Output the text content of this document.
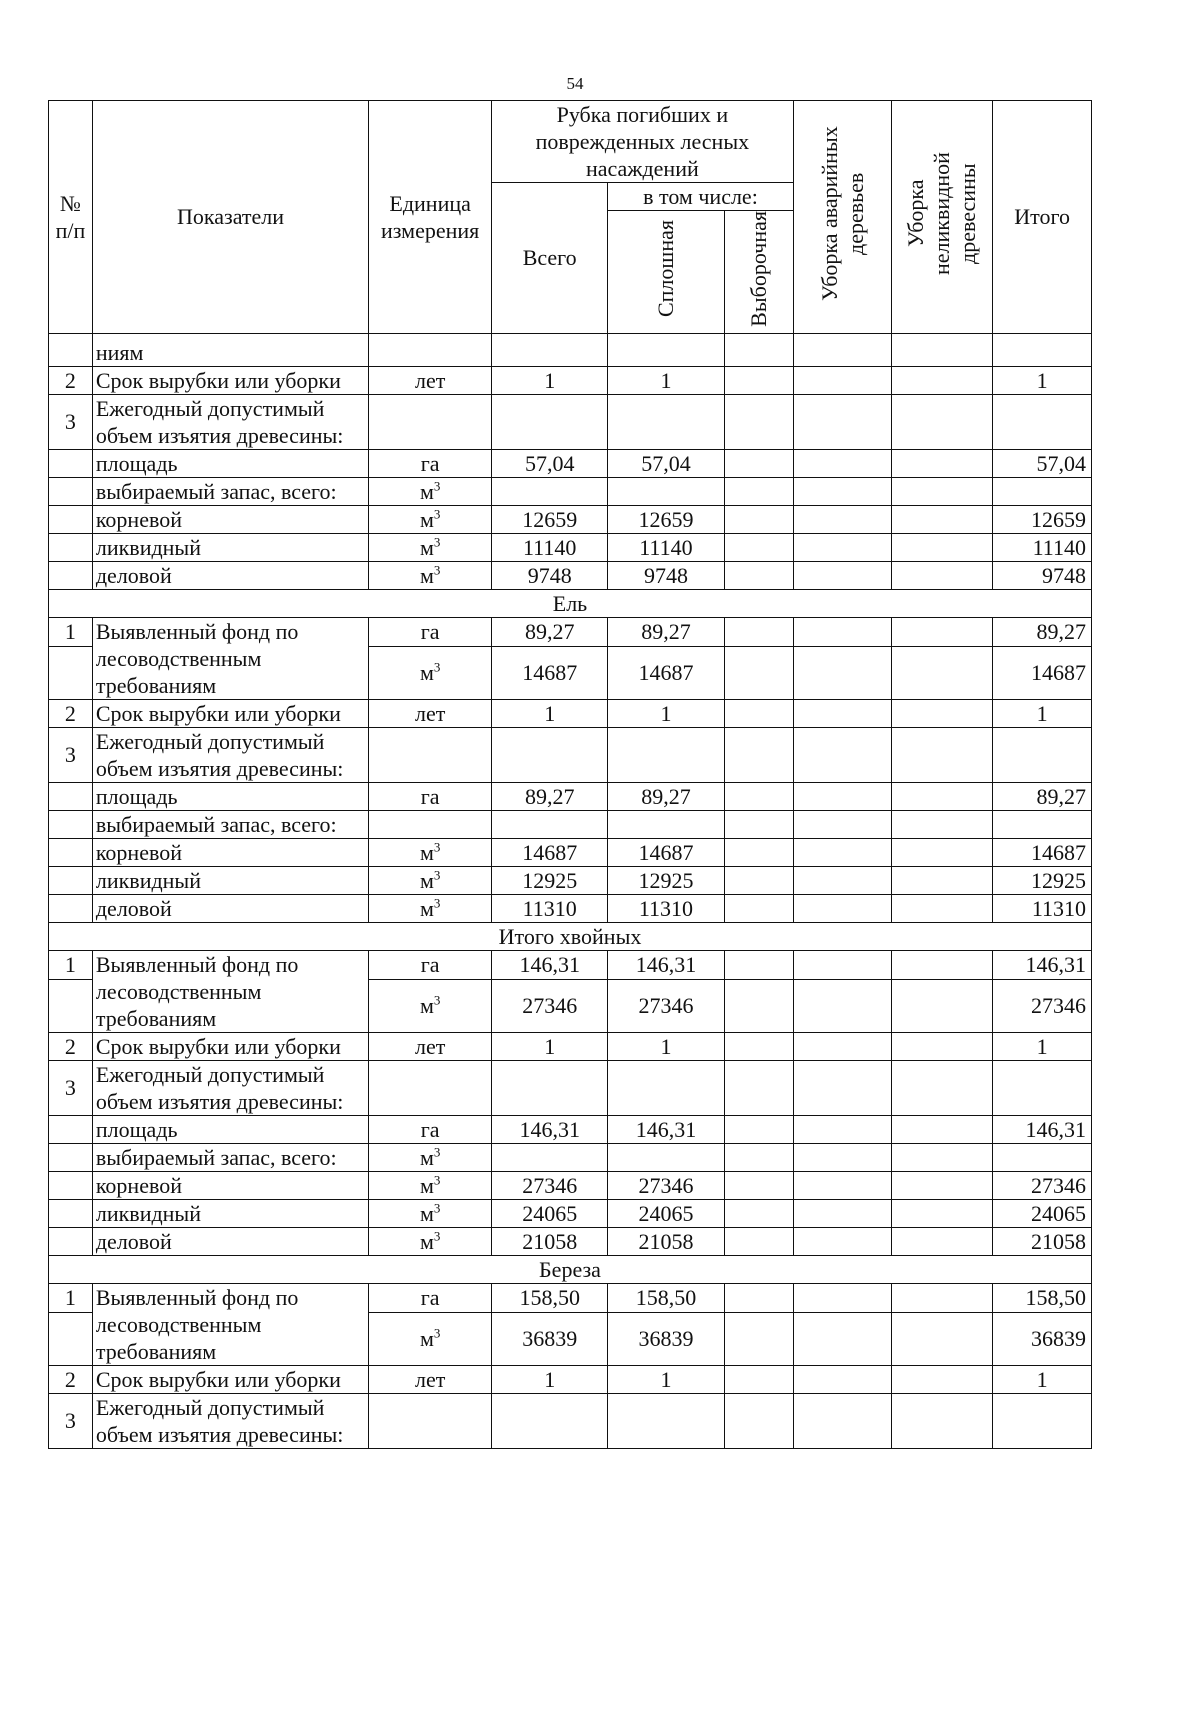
54
№ п/п	Показатели	Единица измерения	Рубка погибших и поврежденных лесных насаждений			Уборка аварийных деревьев	Уборка неликвидной древесины	Итого
			Всего	в том числе:				
				Сплошная	Выборочная			
	ниям							
2	Срок вырубки или уборки	лет	1	1				1
3	Ежегодный допустимый объем изъятия древесины:							
	площадь	га	57,04	57,04				57,04
	выбираемый запас, всего:	$м^3$						
	корневой	$м^3$	12659	12659				12659
	ликвидный	$м^3$	11140	11140				11140
	деловой	$м^3$	9748	9748				9748
Ель								
1	Выявленный фонд по лесоводственным требованиям	га	89,27	89,27				89,27
		$м^3$	14687	14687				14687
2	Срок вырубки или уборки	лет	1	1				1
3	Ежегодный допустимый объем изъятия древесины:							
	площадь	га	89,27	89,27				89,27
	выбираемый запас, всего:							
	корневой	$м^3$	14687	14687				14687
	ликвидный	$м^3$	12925	12925				12925
	деловой	$м^3$	11310	11310				11310
Итого хвойных								
1	Выявленный фонд по лесоводственным требованиям	га	146,31	146,31				146,31
		$м^3$	27346	27346				27346
2	Срок вырубки или уборки	лет	1	1				1
3	Ежегодный допустимый объем изъятия древесины:							
	площадь	га	146,31	146,31				146,31
	выбираемый запас, всего:	$м^3$						
	корневой	$м^3$	27346	27346				27346
	ликвидный	$м^3$	24065	24065				24065
	деловой	$м^3$	21058	21058				21058
Береза								
1	Выявленный фонд по лесоводственным требованиям	га	158,50	158,50				158,50
		$м^3$	36839	36839				36839
2	Срок вырубки или уборки	лет	1	1				1
3	Ежегодный допустимый объем изъятия древесины:							
